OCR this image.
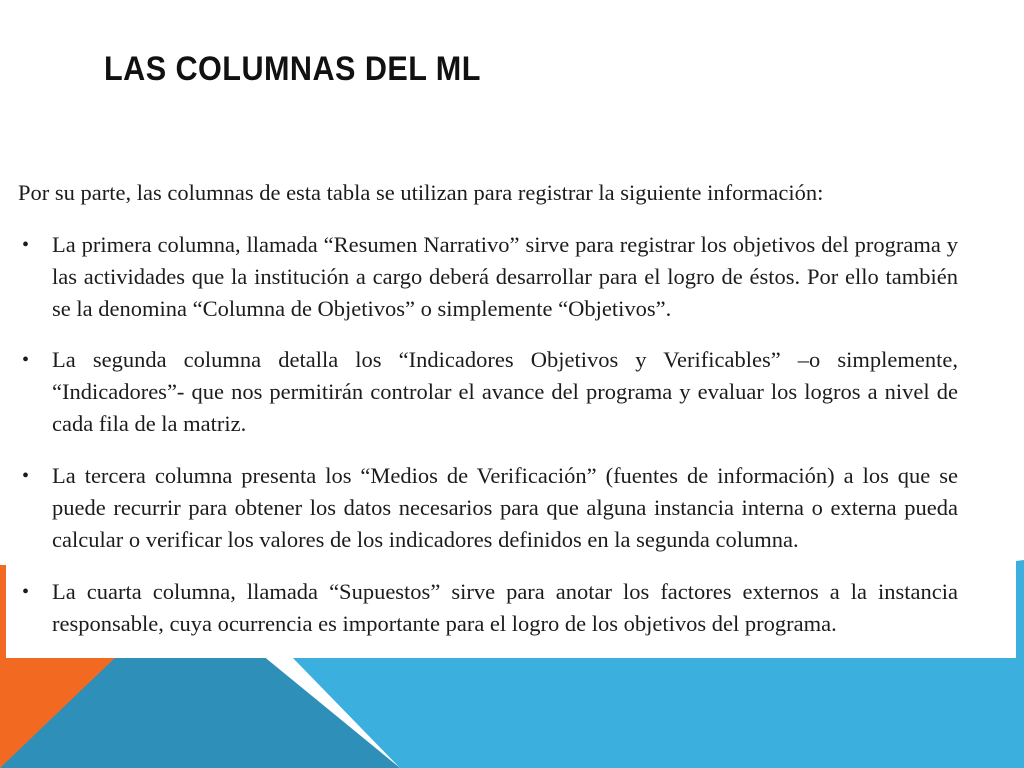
LAS COLUMNAS DEL ML
Por su parte, las columnas de esta tabla se utilizan para registrar la siguiente información:
• La primera columna, llamada “Resumen Narrativo” sirve para registrar los objetivos del programa y las actividades que la institución a cargo deberá desarrollar para el logro de éstos. Por ello también se la denomina “Columna de Objetivos” o simplemente “Objetivos”.
• La segunda columna detalla los “Indicadores Objetivos y Verificables” –o simplemente, “Indicadores”- que nos permitirán controlar el avance del programa y evaluar los logros a nivel de cada fila de la matriz.
• La tercera columna presenta los “Medios de Verificación” (fuentes de información) a los que se puede recurrir para obtener los datos necesarios para que alguna instancia interna o externa pueda calcular o verificar los valores de los indicadores definidos en la segunda columna.
• La cuarta columna, llamada “Supuestos” sirve para anotar los factores externos a la instancia responsable, cuya ocurrencia es importante para el logro de los objetivos del programa.
